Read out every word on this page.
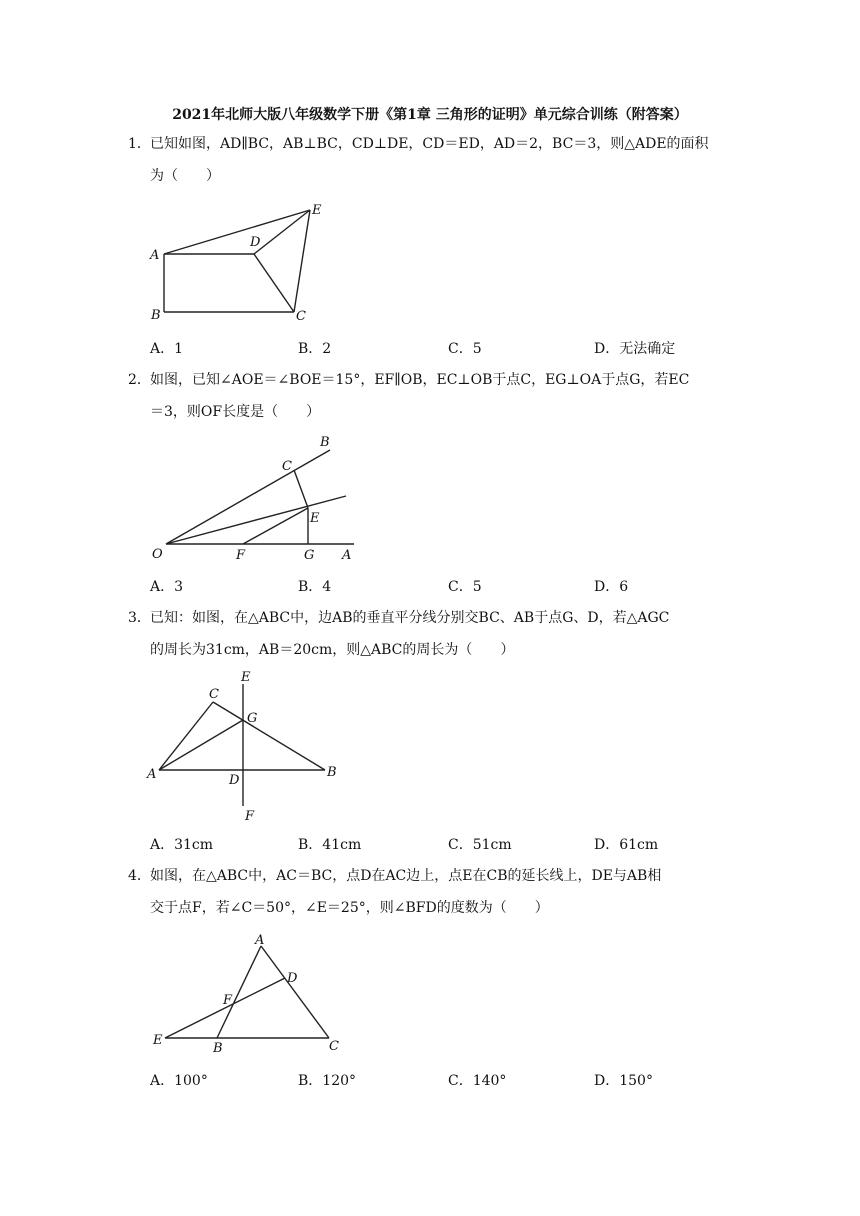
2021年北师大版八年级数学下册《第1章 三角形的证明》单元综合训练（附答案）
1．已知如图，AD∥BC，AB⊥BC，CD⊥DE，CD＝ED，AD＝2，BC＝3，则△ADE的面积
为（　　）
A
B	C
D
E
A．1	B．2	C．5	D．无法确定
2．如图，已知∠AOE＝∠BOE＝15°，EF∥OB，EC⊥OB于点C，EG⊥OA于点G，若EC
＝3，则OF长度是（　　）
O	F	G A
E
C
B
A．3	B．4	C．5	D．6
3．已知：如图，在△ABC中，边AB的垂直平分线分别交BC、AB于点G、D，若△AGC
的周长为31cm，AB＝20cm，则△ABC的周长为（　　）
A	B
C
D
E
F
G
A．31cm	B．41cm	C．51cm	D．61cm
4．如图，在△ABC中，AC＝BC，点D在AC边上，点E在CB的延长线上，DE与AB相
交于点F，若∠C＝50°，∠E＝25°，则∠BFD的度数为（　　）
A
B	C
D
E
F
A．100°	B．120°	C．140°	D．150°
